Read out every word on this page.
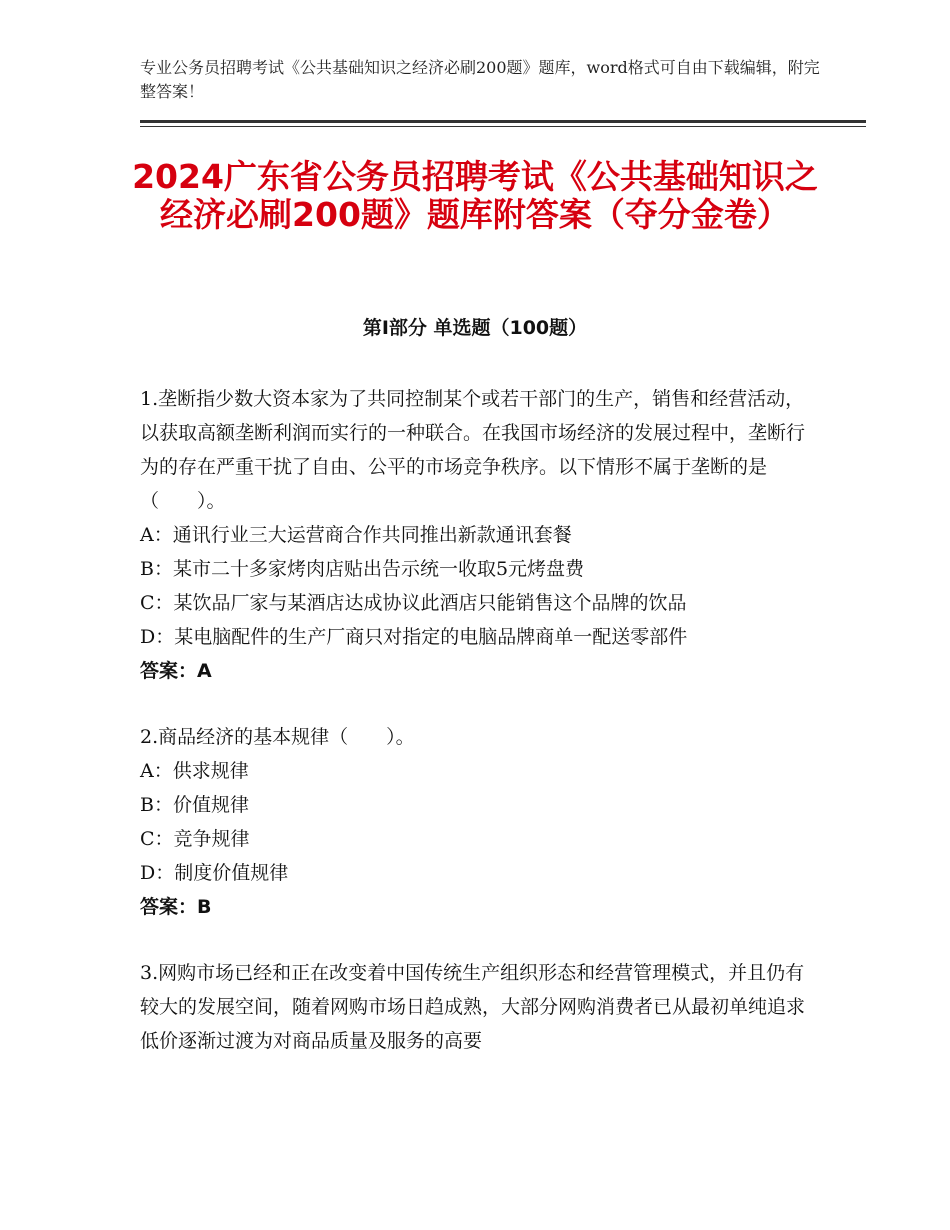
专业公务员招聘考试《公共基础知识之经济必刷200题》题库，word格式可自由下载编辑，附完整答案！
2024广东省公务员招聘考试《公共基础知识之经济必刷200题》题库附答案（夺分金卷）
第I部分 单选题（100题）

1.垄断指少数大资本家为了共同控制某个或若干部门的生产，销售和经营活动，以获取高额垄断利润而实行的一种联合。在我国市场经济的发展过程中，垄断行为的存在严重干扰了自由、公平的市场竞争秩序。以下情形不属于垄断的是（　　）。

A：通讯行业三大运营商合作共同推出新款通讯套餐

B：某市二十多家烤肉店贴出告示统一收取5元烤盘费

C：某饮品厂家与某酒店达成协议此酒店只能销售这个品牌的饮品

D：某电脑配件的生产厂商只对指定的电脑品牌商单一配送零部件

答案：A

2.商品经济的基本规律（　　）。

A：供求规律

B：价值规律

C：竞争规律

D：制度价值规律

答案：B

3.网购市场已经和正在改变着中国传统生产组织形态和经营管理模式，并且仍有较大的发展空间，随着网购市场日趋成熟，大部分网购消费者已从最初单纯追求低价逐渐过渡为对商品质量及服务的高要
